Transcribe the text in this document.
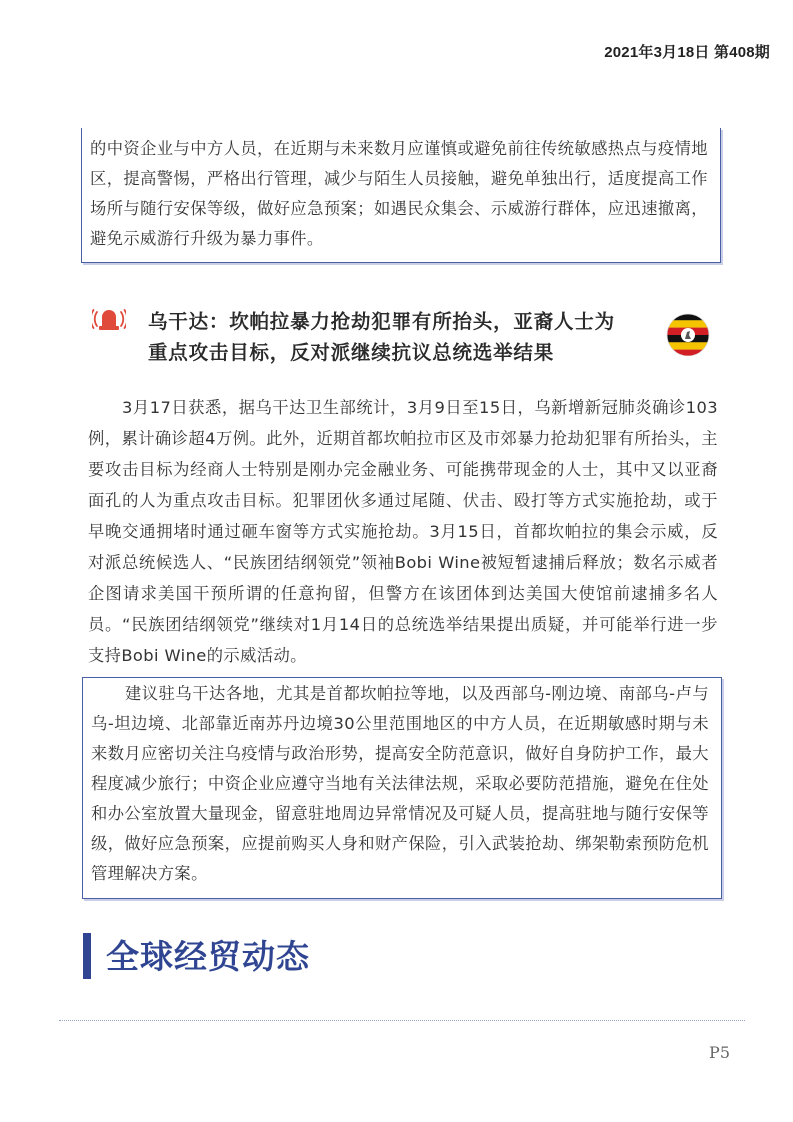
2021年3月18日 第408期

的中资企业与中方人员，在近期与未来数月应谨慎或避免前往传统敏感热点与疫情地区，提高警惕，严格出行管理，减少与陌生人员接触，避免单独出行，适度提高工作场所与随行安保等级，做好应急预案；如遇民众集会、示威游行群体，应迅速撤离，避免示威游行升级为暴力事件。

乌干达：坎帕拉暴力抢劫犯罪有所抬头，亚裔人士为
重点攻击目标，反对派继续抗议总统选举结果

3月17日获悉，据乌干达卫生部统计，3月9日至15日，乌新增新冠肺炎确诊103例，累计确诊超4万例。此外，近期首都坎帕拉市区及市郊暴力抢劫犯罪有所抬头，主要攻击目标为经商人士特别是刚办完金融业务、可能携带现金的人士，其中又以亚裔面孔的人为重点攻击目标。犯罪团伙多通过尾随、伏击、殴打等方式实施抢劫，或于早晚交通拥堵时通过砸车窗等方式实施抢劫。3月15日，首都坎帕拉的集会示威，反对派总统候选人、“民族团结纲领党”领袖Bobi Wine被短暂逮捕后释放；数名示威者企图请求美国干预所谓的任意拘留，但警方在该团体到达美国大使馆前逮捕多名人员。“民族团结纲领党”继续对1月14日的总统选举结果提出质疑，并可能举行进一步支持Bobi Wine的示威活动。

建议驻乌干达各地，尤其是首都坎帕拉等地，以及西部乌-刚边境、南部乌-卢与乌-坦边境、北部靠近南苏丹边境30公里范围地区的中方人员，在近期敏感时期与未来数月应密切关注乌疫情与政治形势，提高安全防范意识，做好自身防护工作，最大程度减少旅行；中资企业应遵守当地有关法律法规，采取必要防范措施，避免在住处和办公室放置大量现金，留意驻地周边异常情况及可疑人员，提高驻地与随行安保等级，做好应急预案，应提前购买人身和财产保险，引入武装抢劫、绑架勒索预防危机管理解决方案。

全球经贸动态
P5
